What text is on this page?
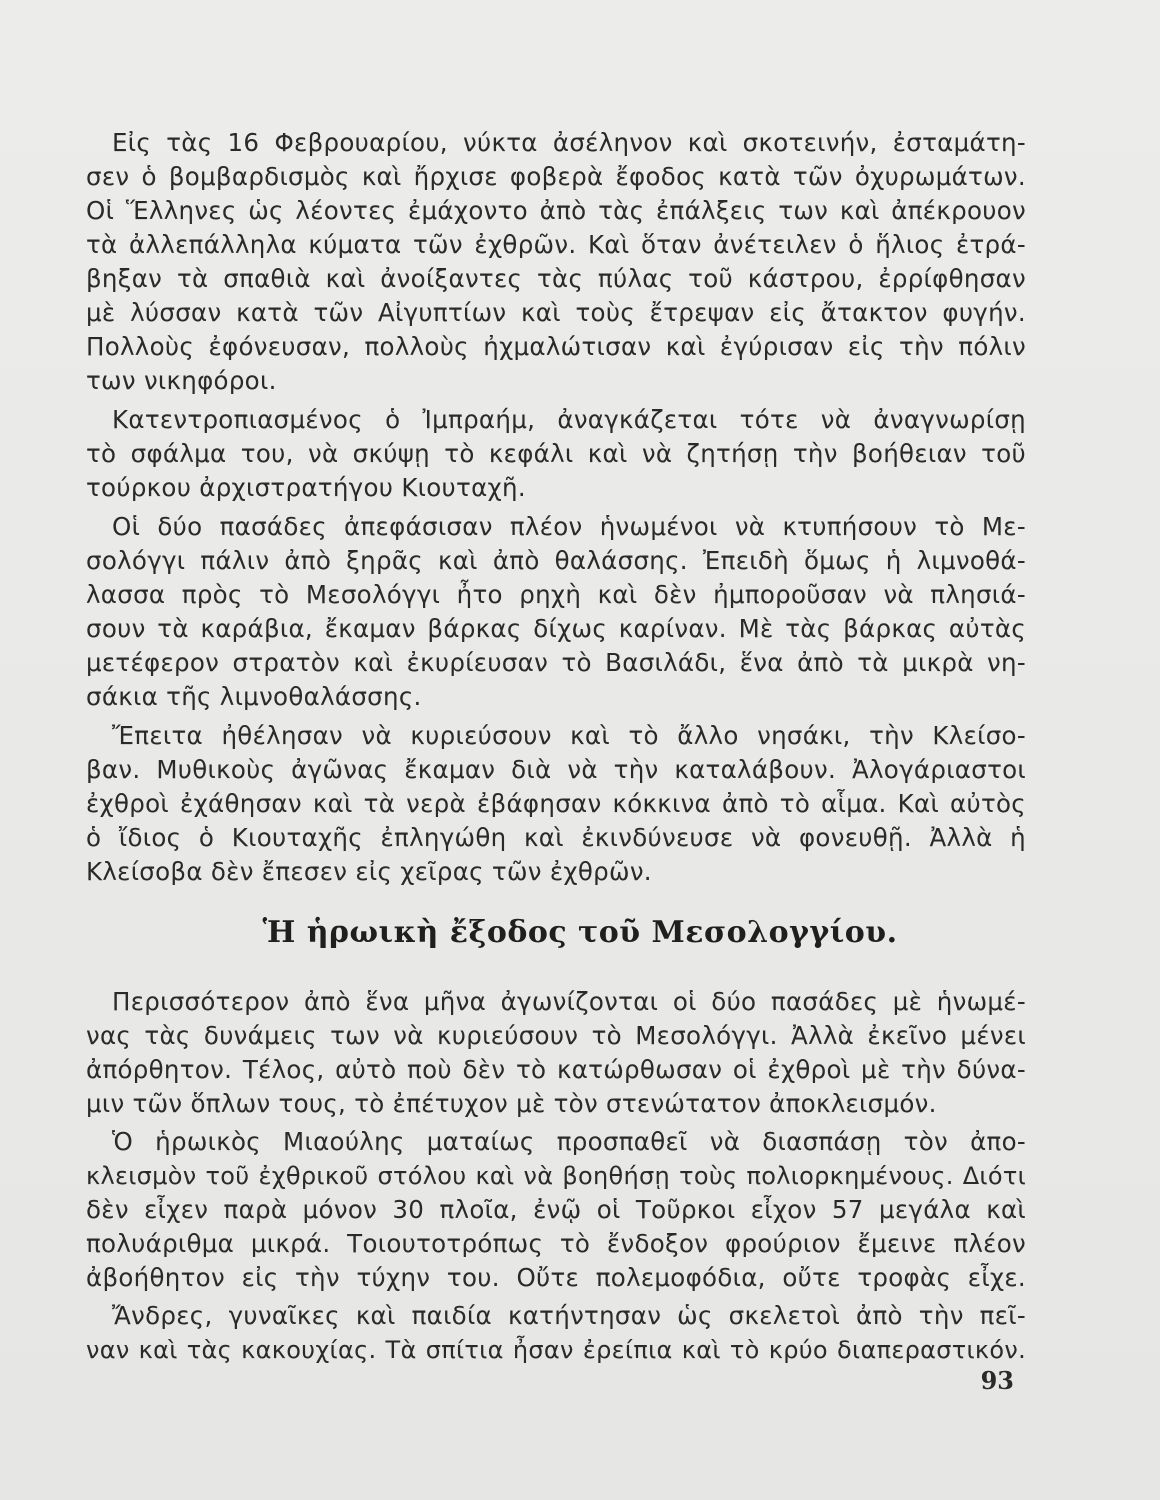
Εἰς τὰς 16 Φεβρουαρίου, νύκτα ἀσέληνον καὶ σκοτεινήν, ἐσταμάτη-
σεν ὁ βομβαρδισμὸς καὶ ἤρχισε φοβερὰ ἔφοδος κατὰ τῶν ὀχυρωμάτων.
Οἱ Ἕλληνες ὡς λέοντες ἐμάχοντο ἀπὸ τὰς ἐπάλξεις των καὶ ἀπέκρουον
τὰ ἀλλεπάλληλα κύματα τῶν ἐχθρῶν. Καὶ ὅταν ἀνέτειλεν ὁ ἥλιος ἐτρά-
βηξαν τὰ σπαθιὰ καὶ ἀνοίξαντες τὰς πύλας τοῦ κάστρου, ἐρρίφθησαν
μὲ λύσσαν κατὰ τῶν Αἰγυπτίων καὶ τοὺς ἔτρεψαν εἰς ἄτακτον φυγήν.
Πολλοὺς ἐφόνευσαν, πολλοὺς ἠχμαλώτισαν καὶ ἐγύρισαν εἰς τὴν πόλιν
των νικηφόροι.
Κατεντροπιασμένος ὁ Ἰμπραήμ, ἀναγκάζεται τότε νὰ ἀναγνωρίσῃ
τὸ σφάλμα του, νὰ σκύψῃ τὸ κεφάλι καὶ νὰ ζητήσῃ τὴν βοήθειαν τοῦ
τούρκου ἀρχιστρατήγου Κιουταχῆ.
Οἱ δύο πασάδες ἀπεφάσισαν πλέον ἡνωμένοι νὰ κτυπήσουν τὸ Με-
σολόγγι πάλιν ἀπὸ ξηρᾶς καὶ ἀπὸ θαλάσσης. Ἐπειδὴ ὅμως ἡ λιμνοθά-
λασσα πρὸς τὸ Μεσολόγγι ἦτο ρηχὴ καὶ δὲν ἠμποροῦσαν νὰ πλησιά-
σουν τὰ καράβια, ἔκαμαν βάρκας δίχως καρίναν. Μὲ τὰς βάρκας αὐτὰς
μετέφερον στρατὸν καὶ ἐκυρίευσαν τὸ Βασιλάδι, ἕνα ἀπὸ τὰ μικρὰ νη-
σάκια τῆς λιμνοθαλάσσης.
Ἔπειτα ἠθέλησαν νὰ κυριεύσουν καὶ τὸ ἄλλο νησάκι, τὴν Κλείσο-
βαν. Μυθικοὺς ἀγῶνας ἔκαμαν διὰ νὰ τὴν καταλάβουν. Ἀλογάριαστοι
ἐχθροὶ ἐχάθησαν καὶ τὰ νερὰ ἐβάφησαν κόκκινα ἀπὸ τὸ αἷμα. Καὶ αὐτὸς
ὁ ἴδιος ὁ Κιουταχῆς ἐπληγώθη καὶ ἐκινδύνευσε νὰ φονευθῇ. Ἀλλὰ ἡ
Κλείσοβα δὲν ἔπεσεν εἰς χεῖρας τῶν ἐχθρῶν.
Ἡ ἡρωικὴ ἔξοδος τοῦ Μεσολογγίου.
Περισσότερον ἀπὸ ἕνα μῆνα ἀγωνίζονται οἱ δύο πασάδες μὲ ἡνωμέ-
νας τὰς δυνάμεις των νὰ κυριεύσουν τὸ Μεσολόγγι. Ἀλλὰ ἐκεῖνο μένει
ἀπόρθητον. Τέλος, αὐτὸ ποὺ δὲν τὸ κατώρθωσαν οἱ ἐχθροὶ μὲ τὴν δύνα-
μιν τῶν ὅπλων τους, τὸ ἐπέτυχον μὲ τὸν στενώτατον ἀποκλεισμόν.
Ὁ ἡρωικὸς Μιαούλης ματαίως προσπαθεῖ νὰ διασπάσῃ τὸν ἀπο-
κλεισμὸν τοῦ ἐχθρικοῦ στόλου καὶ νὰ βοηθήσῃ τοὺς πολιορκημένους. Διότι
δὲν εἶχεν παρὰ μόνον 30 πλοῖα, ἐνῷ οἱ Τοῦρκοι εἶχον 57 μεγάλα καὶ
πολυάριθμα μικρά. Τοιουτοτρόπως τὸ ἔνδοξον φρούριον ἔμεινε πλέον
ἀβοήθητον εἰς τὴν τύχην του. Οὔτε πολεμοφόδια, οὔτε τροφὰς εἶχε.
Ἄνδρες, γυναῖκες καὶ παιδία κατήντησαν ὡς σκελετοὶ ἀπὸ τὴν πεῖ-
ναν καὶ τὰς κακουχίας. Τὰ σπίτια ἦσαν ἐρείπια καὶ τὸ κρύο διαπεραστικόν.
93
